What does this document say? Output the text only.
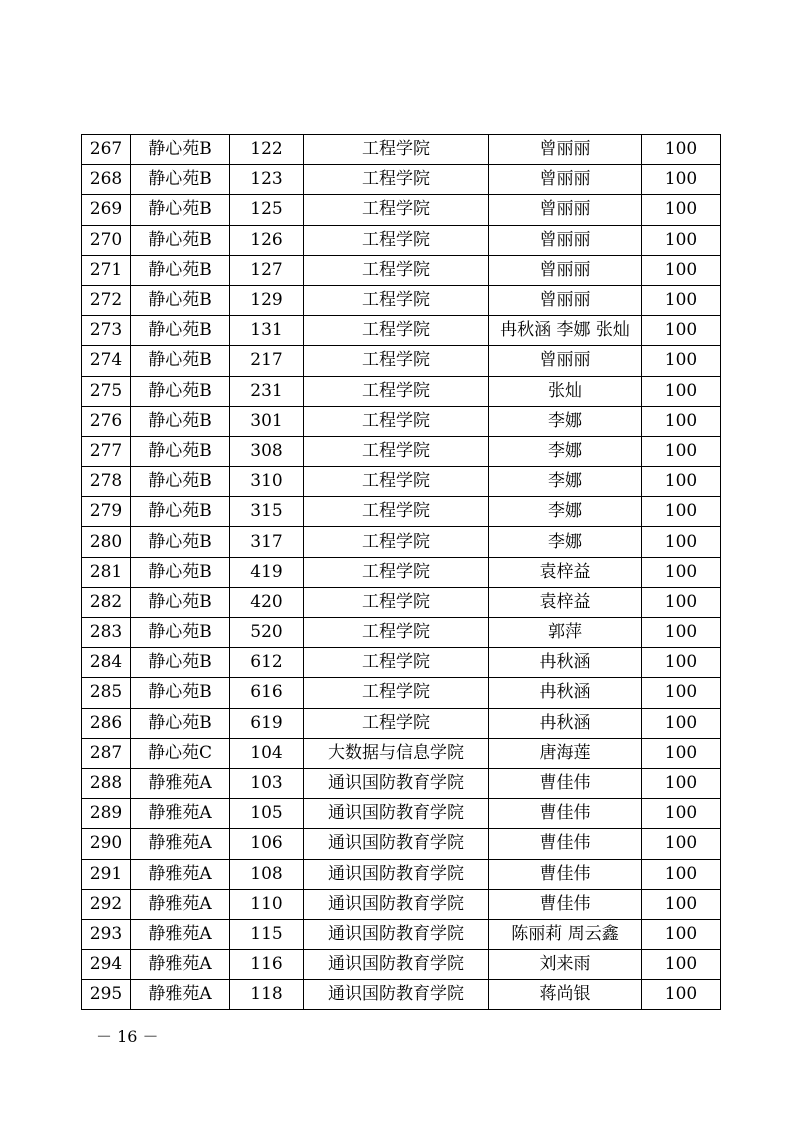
267	静心苑B	122	工程学院	曾丽丽	100
268	静心苑B	123	工程学院	曾丽丽	100
269	静心苑B	125	工程学院	曾丽丽	100
270	静心苑B	126	工程学院	曾丽丽	100
271	静心苑B	127	工程学院	曾丽丽	100
272	静心苑B	129	工程学院	曾丽丽	100
273	静心苑B	131	工程学院	冉秋涵 李娜 张灿	100
274	静心苑B	217	工程学院	曾丽丽	100
275	静心苑B	231	工程学院	张灿	100
276	静心苑B	301	工程学院	李娜	100
277	静心苑B	308	工程学院	李娜	100
278	静心苑B	310	工程学院	李娜	100
279	静心苑B	315	工程学院	李娜	100
280	静心苑B	317	工程学院	李娜	100
281	静心苑B	419	工程学院	袁梓益	100
282	静心苑B	420	工程学院	袁梓益	100
283	静心苑B	520	工程学院	郭萍	100
284	静心苑B	612	工程学院	冉秋涵	100
285	静心苑B	616	工程学院	冉秋涵	100
286	静心苑B	619	工程学院	冉秋涵	100
287	静心苑C	104	大数据与信息学院	唐海莲	100
288	静雅苑A	103	通识国防教育学院	曹佳伟	100
289	静雅苑A	105	通识国防教育学院	曹佳伟	100
290	静雅苑A	106	通识国防教育学院	曹佳伟	100
291	静雅苑A	108	通识国防教育学院	曹佳伟	100
292	静雅苑A	110	通识国防教育学院	曹佳伟	100
293	静雅苑A	115	通识国防教育学院	陈丽莉 周云鑫	100
294	静雅苑A	116	通识国防教育学院	刘来雨	100
295	静雅苑A	118	通识国防教育学院	蒋尚银	100
－ 16 －
